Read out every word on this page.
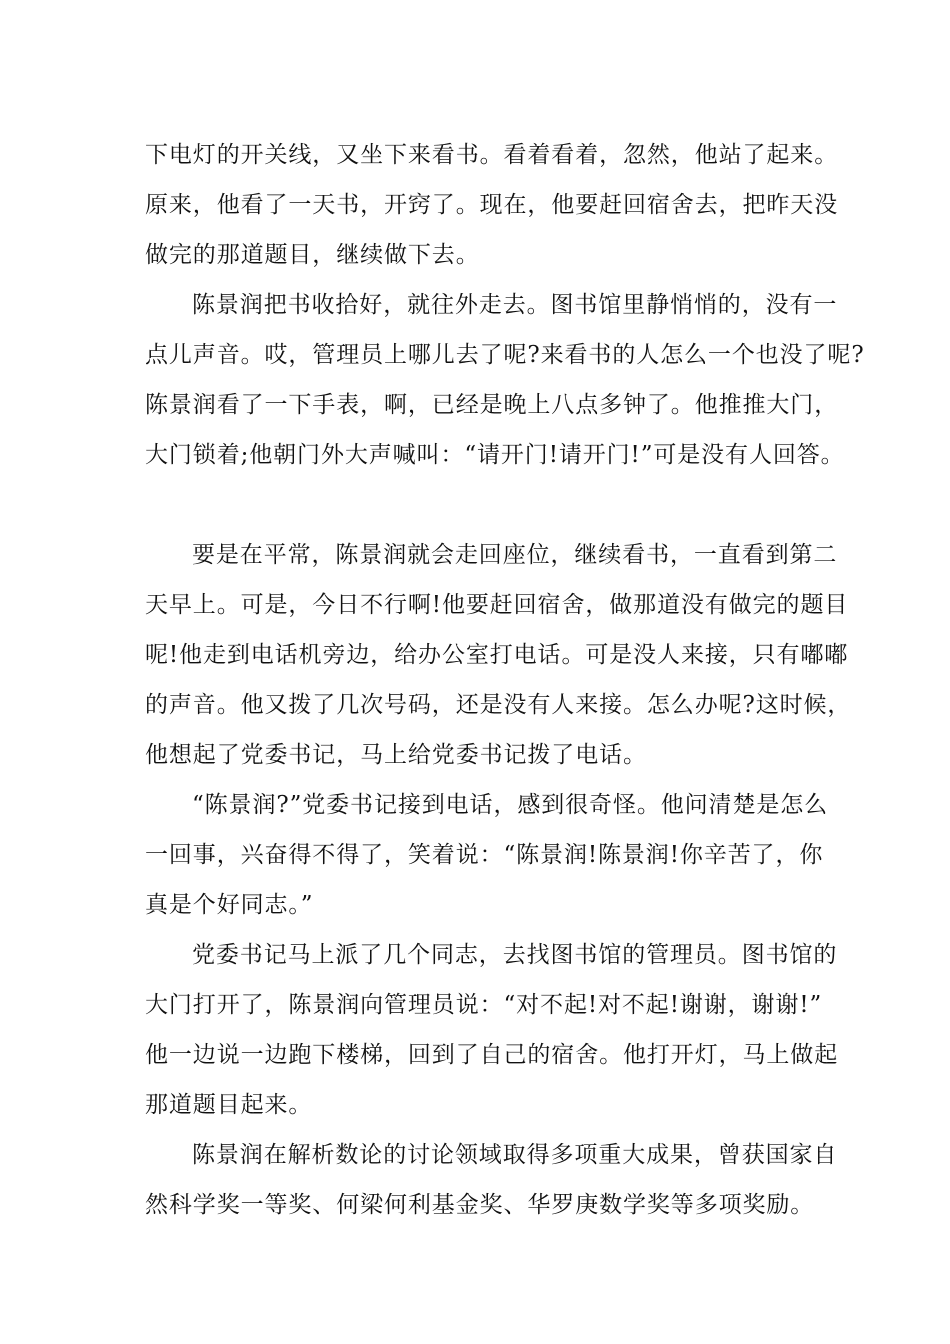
下电灯的开关线，又坐下来看书。看着看着，忽然，他站了起来。
原来，他看了一天书，开窍了。现在，他要赶回宿舍去，把昨天没
做完的那道题目，继续做下去。
陈景润把书收拾好，就往外走去。图书馆里静悄悄的，没有一
点儿声音。哎，管理员上哪儿去了呢?来看书的人怎么一个也没了呢?
陈景润看了一下手表，啊，已经是晚上八点多钟了。他推推大门，
大门锁着;他朝门外大声喊叫：“请开门!请开门!”可是没有人回答。
要是在平常，陈景润就会走回座位，继续看书，一直看到第二
天早上。可是，今日不行啊!他要赶回宿舍，做那道没有做完的题目
呢!他走到电话机旁边，给办公室打电话。可是没人来接，只有嘟嘟
的声音。他又拨了几次号码，还是没有人来接。怎么办呢?这时候，
他想起了党委书记，马上给党委书记拨了电话。
“陈景润?”党委书记接到电话，感到很奇怪。他问清楚是怎么
一回事，兴奋得不得了，笑着说：“陈景润!陈景润!你辛苦了，你
真是个好同志。”
党委书记马上派了几个同志，去找图书馆的管理员。图书馆的
大门打开了，陈景润向管理员说：“对不起!对不起!谢谢，谢谢!”
他一边说一边跑下楼梯，回到了自己的宿舍。他打开灯，马上做起
那道题目起来。
陈景润在解析数论的讨论领域取得多项重大成果，曾获国家自
然科学奖一等奖、何梁何利基金奖、华罗庚数学奖等多项奖励。
